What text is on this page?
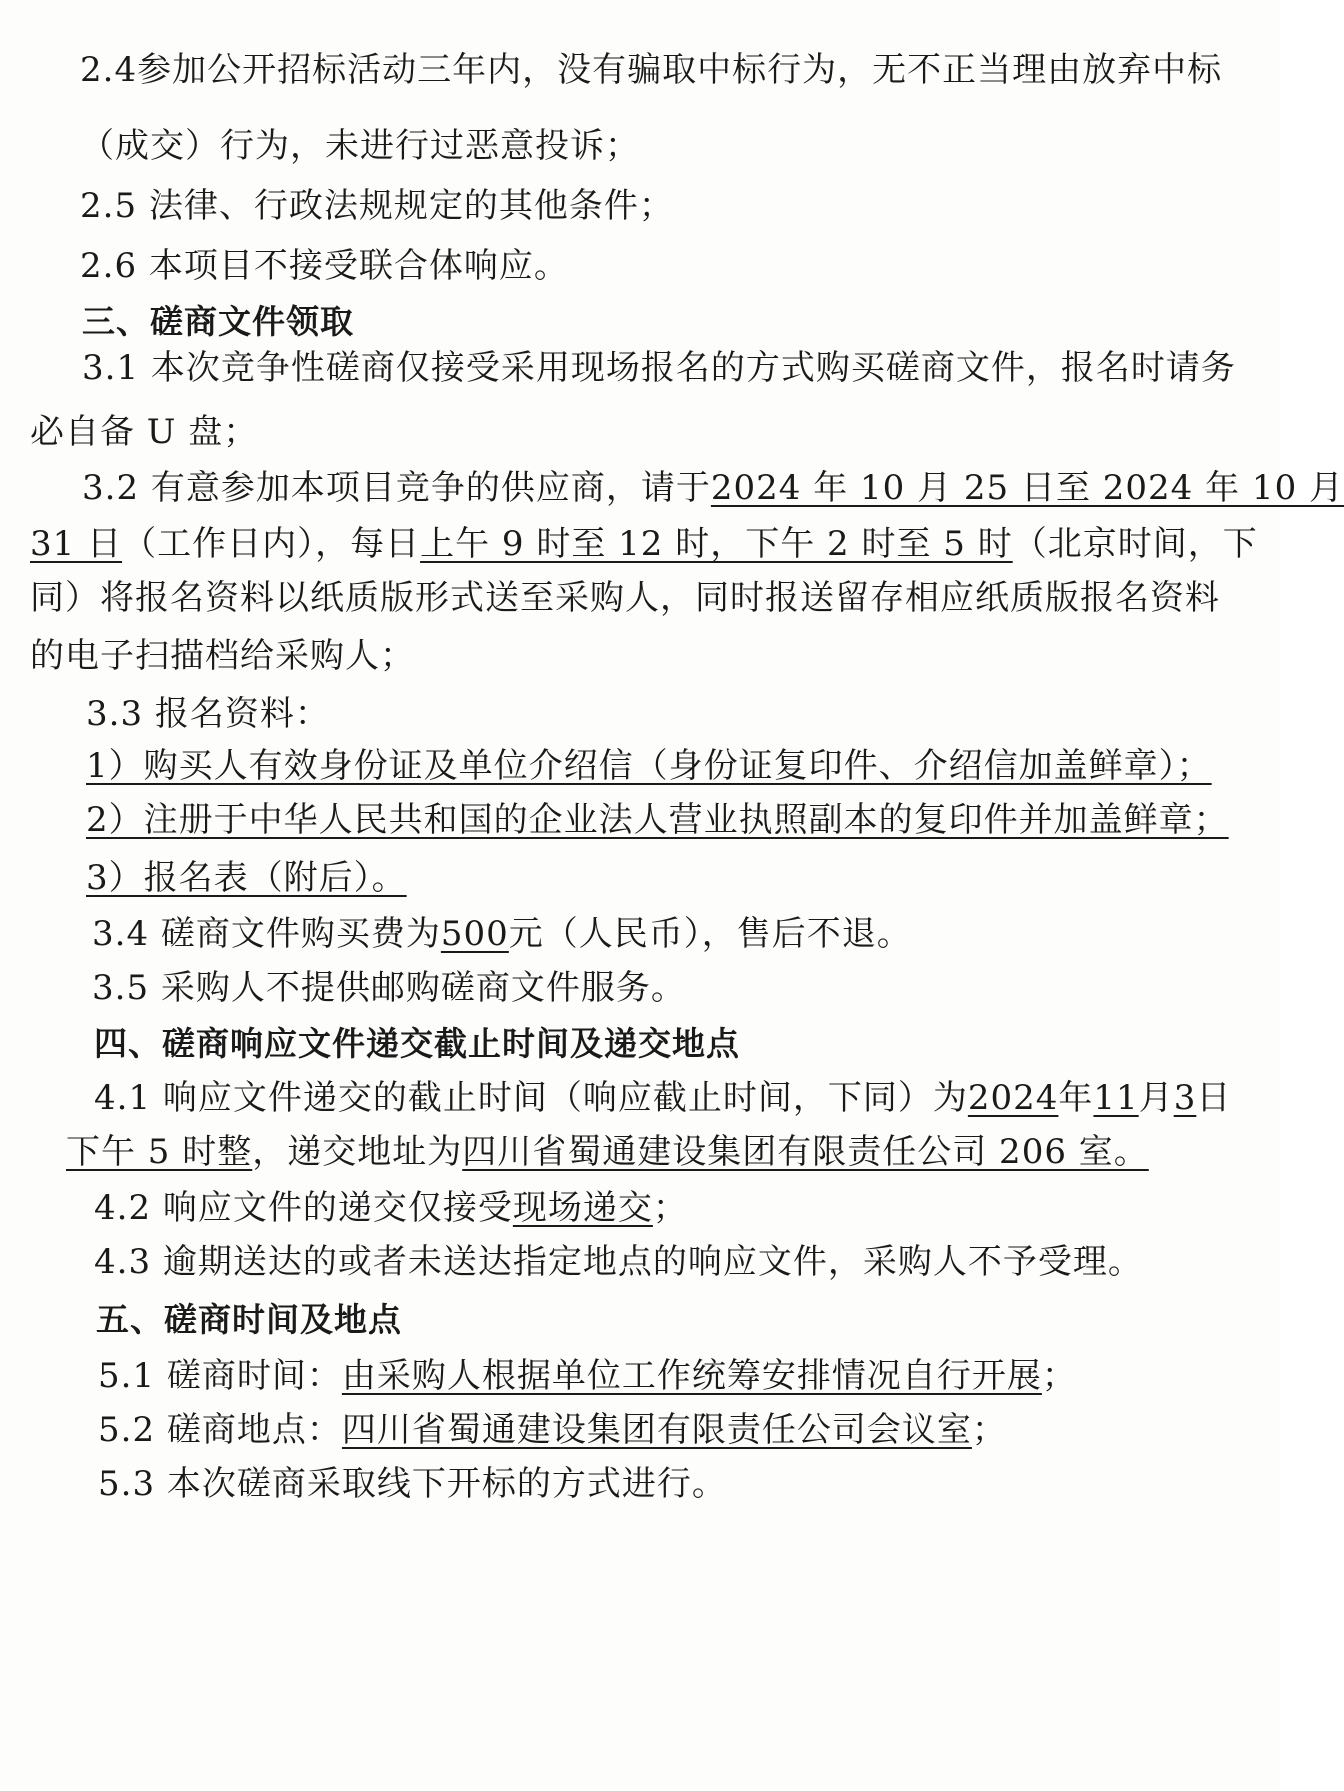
2.4参加公开招标活动三年内，没有骗取中标行为，无不正当理由放弃中标
（成交）行为，未进行过恶意投诉；
2.5 法律、行政法规规定的其他条件；
2.6 本项目不接受联合体响应。
三、磋商文件领取
3.1 本次竞争性磋商仅接受采用现场报名的方式购买磋商文件，报名时请务
必自备 U 盘；
3.2 有意参加本项目竞争的供应商，请于2024 年 10 月 25 日至 2024 年 10 月
31 日（工作日内），每日上午 9 时至 12 时，下午 2 时至 5 时（北京时间，下
同）将报名资料以纸质版形式送至采购人，同时报送留存相应纸质版报名资料
的电子扫描档给采购人；
3.3 报名资料：
1）购买人有效身份证及单位介绍信（身份证复印件、介绍信加盖鲜章）；
2）注册于中华人民共和国的企业法人营业执照副本的复印件并加盖鲜章；
3）报名表（附后）。
3.4 磋商文件购买费为500元（人民币），售后不退。
3.5 采购人不提供邮购磋商文件服务。
四、磋商响应文件递交截止时间及递交地点
4.1 响应文件递交的截止时间（响应截止时间，下同）为2024年11月3日
下午 5 时整，递交地址为四川省蜀通建设集团有限责任公司 206 室。
4.2 响应文件的递交仅接受现场递交；
4.3 逾期送达的或者未送达指定地点的响应文件，采购人不予受理。
五、磋商时间及地点
5.1 磋商时间：由采购人根据单位工作统筹安排情况自行开展；
5.2 磋商地点：四川省蜀通建设集团有限责任公司会议室；
5.3 本次磋商采取线下开标的方式进行。
